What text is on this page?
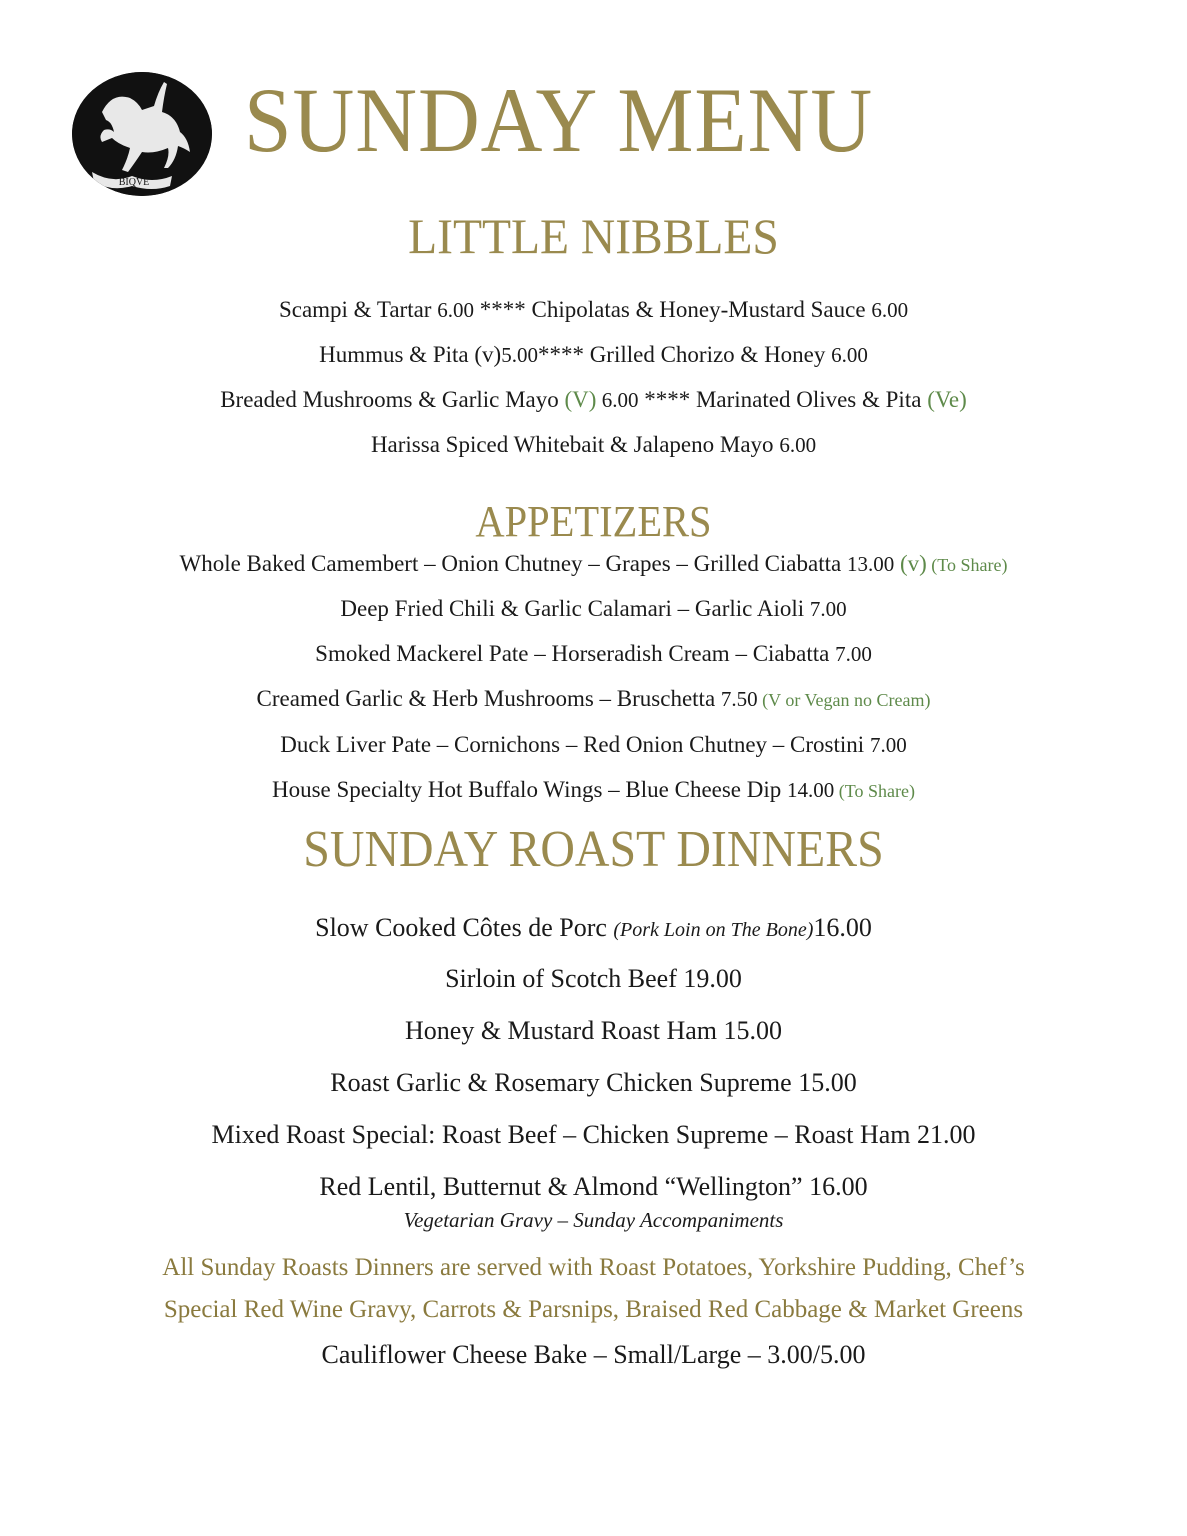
BIQVE
SUNDAY MENU
LITTLE NIBBLES
Scampi & Tartar 6.00 **** Chipolatas & Honey-Mustard Sauce 6.00
Hummus & Pita (v)5.00**** Grilled Chorizo & Honey 6.00
Breaded Mushrooms & Garlic Mayo (V) 6.00 **** Marinated Olives & Pita (Ve)
Harissa Spiced Whitebait & Jalapeno Mayo 6.00
APPETIZERS
Whole Baked Camembert – Onion Chutney – Grapes – Grilled Ciabatta 13.00 (v) (To Share)
Deep Fried Chili & Garlic Calamari – Garlic Aioli 7.00
Smoked Mackerel Pate – Horseradish Cream – Ciabatta 7.00
Creamed Garlic & Herb Mushrooms – Bruschetta 7.50 (V or Vegan no Cream)
Duck Liver Pate – Cornichons – Red Onion Chutney – Crostini 7.00
House Specialty Hot Buffalo Wings – Blue Cheese Dip 14.00 (To Share)
SUNDAY ROAST DINNERS
Slow Cooked Côtes de Porc (Pork Loin on The Bone)16.00
Sirloin of Scotch Beef 19.00
Honey & Mustard Roast Ham 15.00
Roast Garlic & Rosemary Chicken Supreme 15.00
Mixed Roast Special: Roast Beef – Chicken Supreme – Roast Ham 21.00
Red Lentil, Butternut & Almond “Wellington” 16.00
Vegetarian Gravy – Sunday Accompaniments
All Sunday Roasts Dinners are served with Roast Potatoes, Yorkshire Pudding, Chef’s
Special Red Wine Gravy, Carrots & Parsnips, Braised Red Cabbage & Market Greens
Cauliflower Cheese Bake – Small/Large – 3.00/5.00
